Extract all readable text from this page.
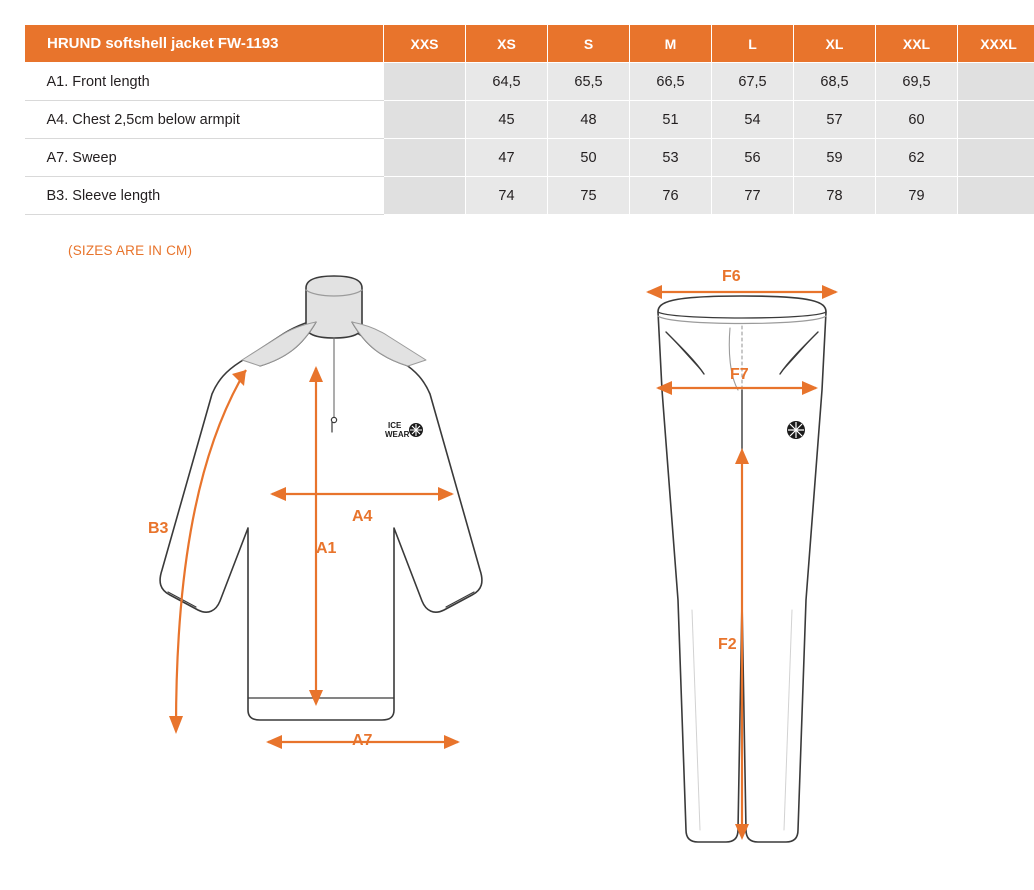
HRUND softshell jacket FW-1193	XXS	XS	S	M	L	XL	XXL	XXXL
A1. Front length		64,5	65,5	66,5	67,5	68,5	69,5	
A4. Chest 2,5cm below armpit		45	48	51	54	57	60	
A7. Sweep		47	50	53	56	59	62	
B3. Sleeve length		74	75	76	77	78	79	
(SIZES ARE IN CM)
ICE
WEAR
B3
A4
A1
A7
F6
F7
F2
